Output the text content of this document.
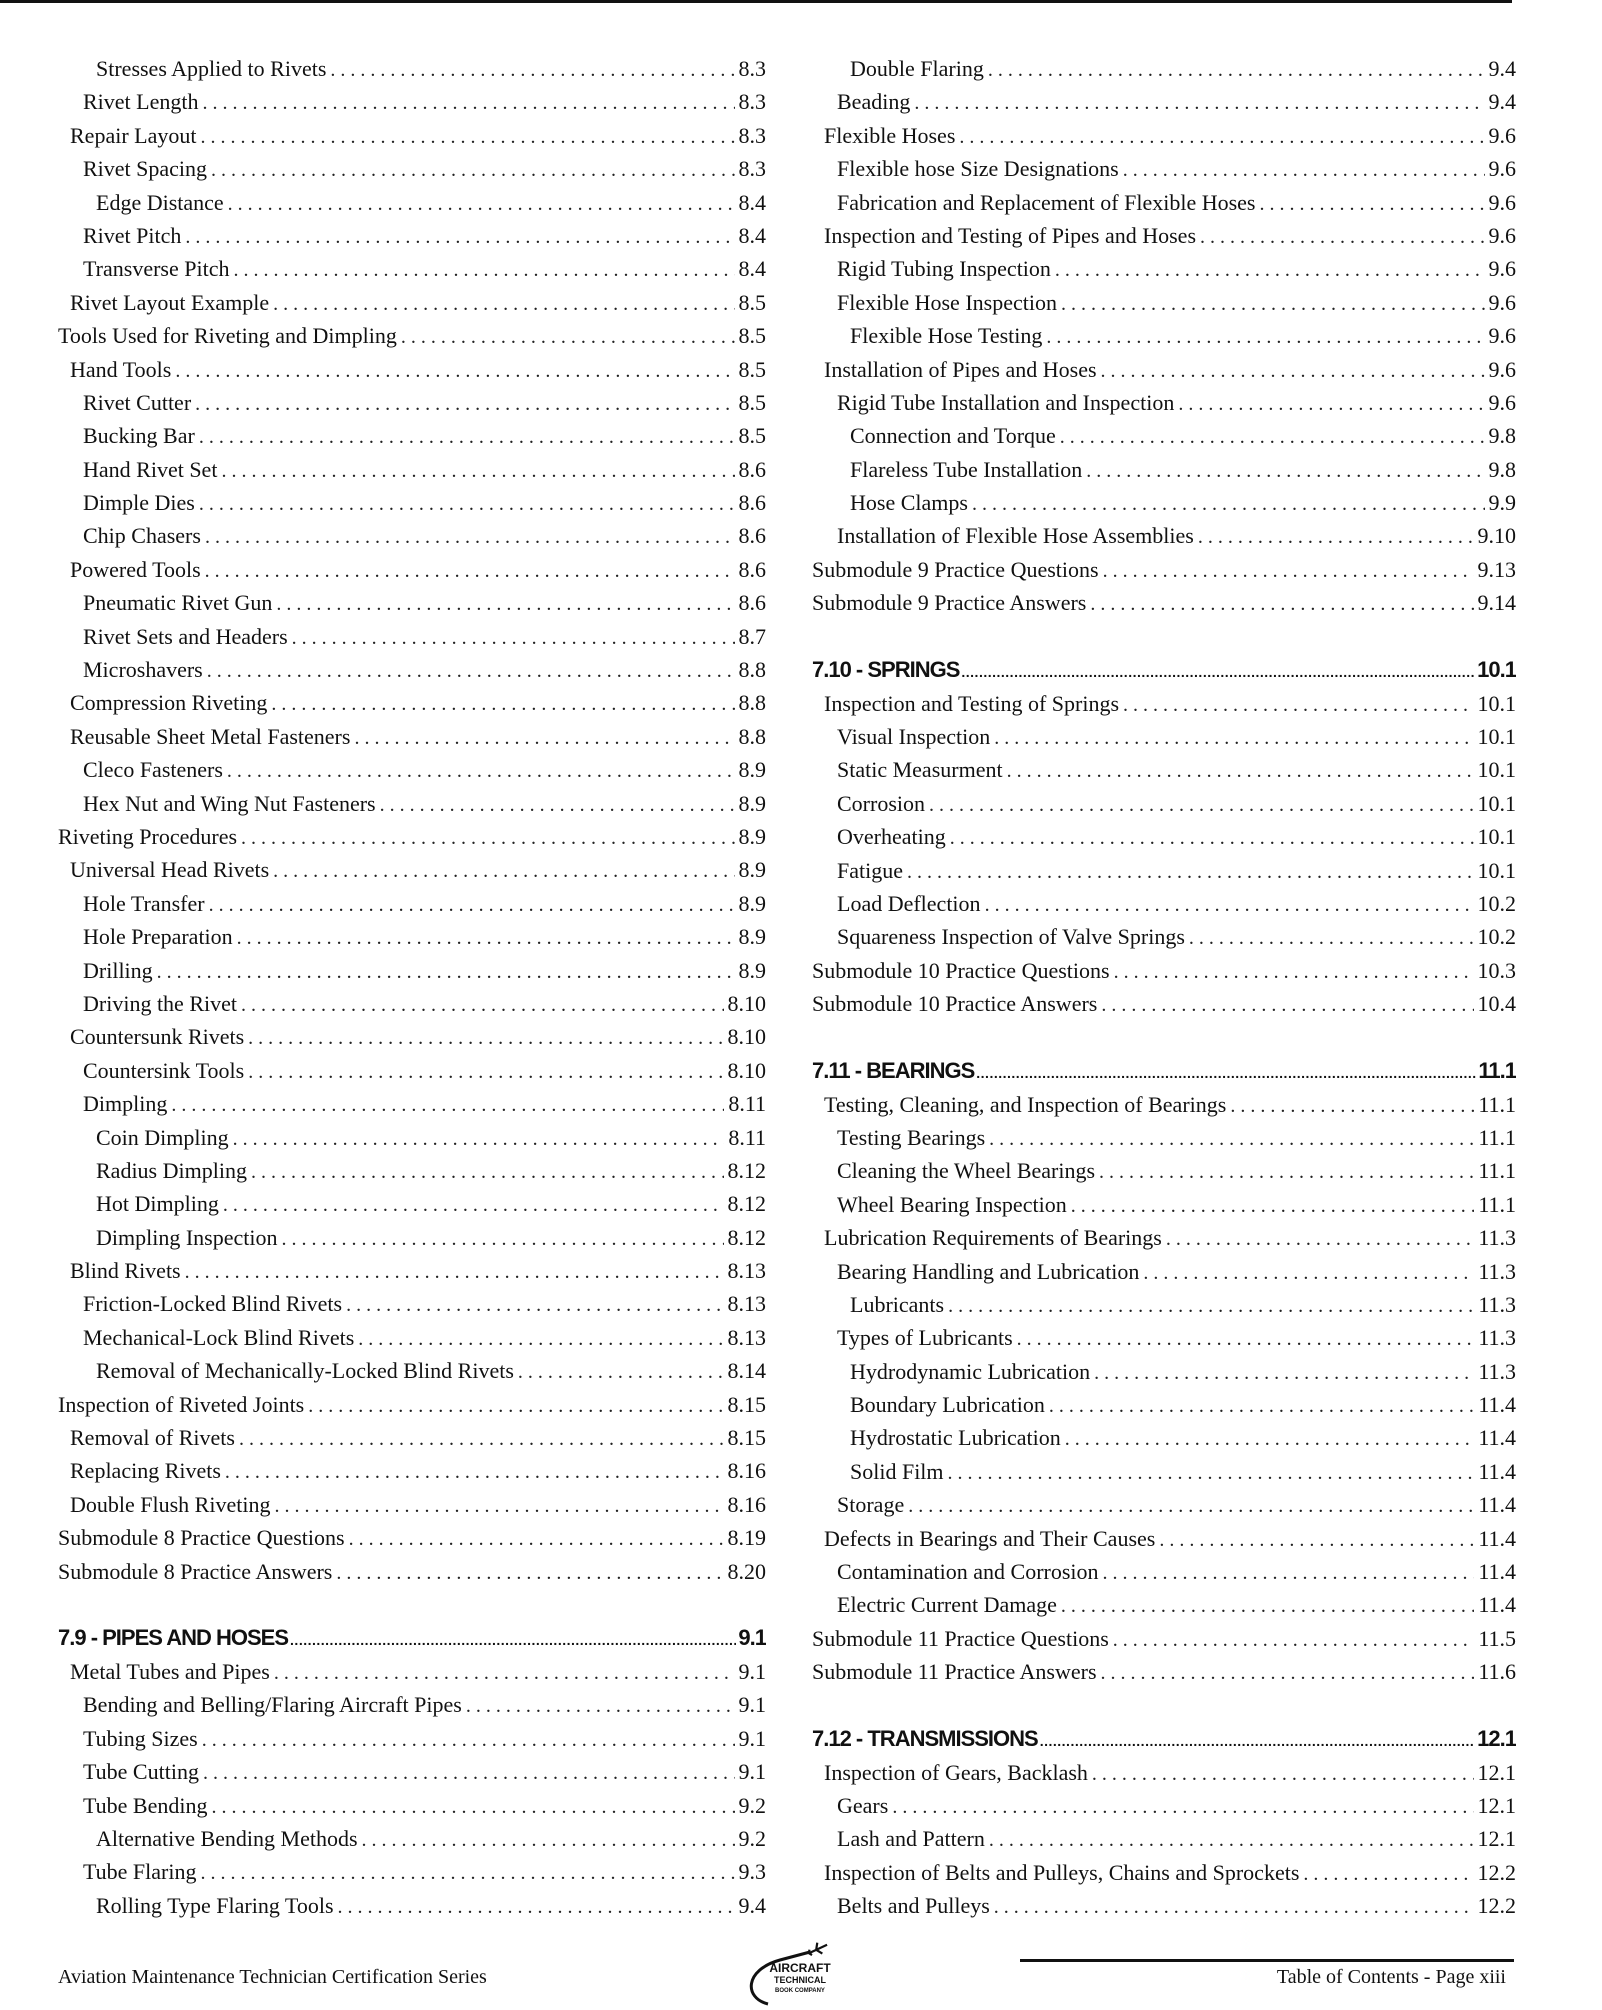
Stresses Applied to Rivets . . .	8.3
Rivet Length . . .	8.3
Repair Layout . . .	8.3
Rivet Spacing . . .	8.3
Edge Distance . . .	8.4
Rivet Pitch . . .	8.4
Transverse Pitch . . .	8.4
Rivet Layout Example . . .	8.5
Tools Used for Riveting and Dimpling . . .	8.5
Hand Tools . . .	8.5
Rivet Cutter . . .	8.5
Bucking Bar . . .	8.5
Hand Rivet Set . . .	8.6
Dimple Dies . . .	8.6
Chip Chasers . . .	8.6
Powered Tools . . .	8.6
Pneumatic Rivet Gun . . .	8.6
Rivet Sets and Headers . . .	8.7
Microshavers . . .	8.8
Compression Riveting . . .	8.8
Reusable Sheet Metal Fasteners . . .	8.8
Cleco Fasteners . . .	8.9
Hex Nut and Wing Nut Fasteners . . .	8.9
Riveting Procedures . . .	8.9
Universal Head Rivets . . .	8.9
Hole Transfer . . .	8.9
Hole Preparation . . .	8.9
Drilling . . .	8.9
Driving the Rivet . . .	8.10
Countersunk Rivets . . .	8.10
Countersink Tools . . .	8.10
Dimpling . . .	8.11
Coin Dimpling . . .	8.11
Radius Dimpling . . .	8.12
Hot Dimpling . . .	8.12
Dimpling Inspection . . .	8.12
Blind Rivets . . .	8.13
Friction-Locked Blind Rivets . . .	8.13
Mechanical-Lock Blind Rivets . . .	8.13
Removal of Mechanically-Locked Blind Rivets . . .	8.14
Inspection of Riveted Joints . . .	8.15
Removal of Rivets . . .	8.15
Replacing Rivets . . .	8.16
Double Flush Riveting . . .	8.16
Submodule 8 Practice Questions . . .	8.19
Submodule 8 Practice Answers . . .	8.20
7.9 - PIPES AND HOSES .....	9.1
Metal Tubes and Pipes . . .	9.1
Bending and Belling/Flaring Aircraft Pipes . . .	9.1
Tubing Sizes . . .	9.1
Tube Cutting . . .	9.1
Tube Bending . . .	9.2
Alternative Bending Methods . . .	9.2
Tube Flaring . . .	9.3
Rolling Type Flaring Tools . . .	9.4
Double Flaring . . .	9.4
Beading . . .	9.4
Flexible Hoses . . .	9.6
Flexible hose Size Designations . . .	9.6
Fabrication and Replacement of Flexible Hoses . . .	9.6
Inspection and Testing of Pipes and Hoses . . .	9.6
Rigid Tubing Inspection . . .	9.6
Flexible Hose Inspection . . .	9.6
Flexible Hose Testing . . .	9.6
Installation of Pipes and Hoses . . .	9.6
Rigid Tube Installation and Inspection . . .	9.6
Connection and Torque . . .	9.8
Flareless Tube Installation . . .	9.8
Hose Clamps . . .	9.9
Installation of Flexible Hose Assemblies . . .	9.10
Submodule 9 Practice Questions . . .	9.13
Submodule 9 Practice Answers . . .	9.14
7.10 - SPRINGS .....	10.1
Inspection and Testing of Springs . . .	10.1
Visual Inspection . . .	10.1
Static Measurment . . .	10.1
Corrosion . . .	10.1
Overheating . . .	10.1
Fatigue . . .	10.1
Load Deflection . . .	10.2
Squareness Inspection of Valve Springs . . .	10.2
Submodule 10 Practice Questions . . .	10.3
Submodule 10 Practice Answers . . .	10.4
7.11 - BEARINGS .....	11.1
Testing, Cleaning, and Inspection of Bearings . . .	11.1
Testing Bearings . . .	11.1
Cleaning the Wheel Bearings . . .	11.1
Wheel Bearing Inspection . . .	11.1
Lubrication Requirements of Bearings . . .	11.3
Bearing Handling and Lubrication . . .	11.3
Lubricants . . .	11.3
Types of Lubricants . . .	11.3
Hydrodynamic Lubrication . . .	11.3
Boundary Lubrication . . .	11.4
Hydrostatic Lubrication . . .	11.4
Solid Film . . .	11.4
Storage . . .	11.4
Defects in Bearings and Their Causes . . .	11.4
Contamination and Corrosion . . .	11.4
Electric Current Damage . . .	11.4
Submodule 11 Practice Questions . . .	11.5
Submodule 11 Practice Answers . . .	11.6
7.12 - TRANSMISSIONS .....	12.1
Inspection of Gears, Backlash . . .	12.1
Gears . . .	12.1
Lash and Pattern . . .	12.1
Inspection of Belts and Pulleys, Chains and Sprockets . . .	12.2
Belts and Pulleys . . .	12.2
Aviation Maintenance Technician Certification Series	AIRCRAFT
TECHNICAL
BOOK COMPANY
Table of Contents - Page xiii
